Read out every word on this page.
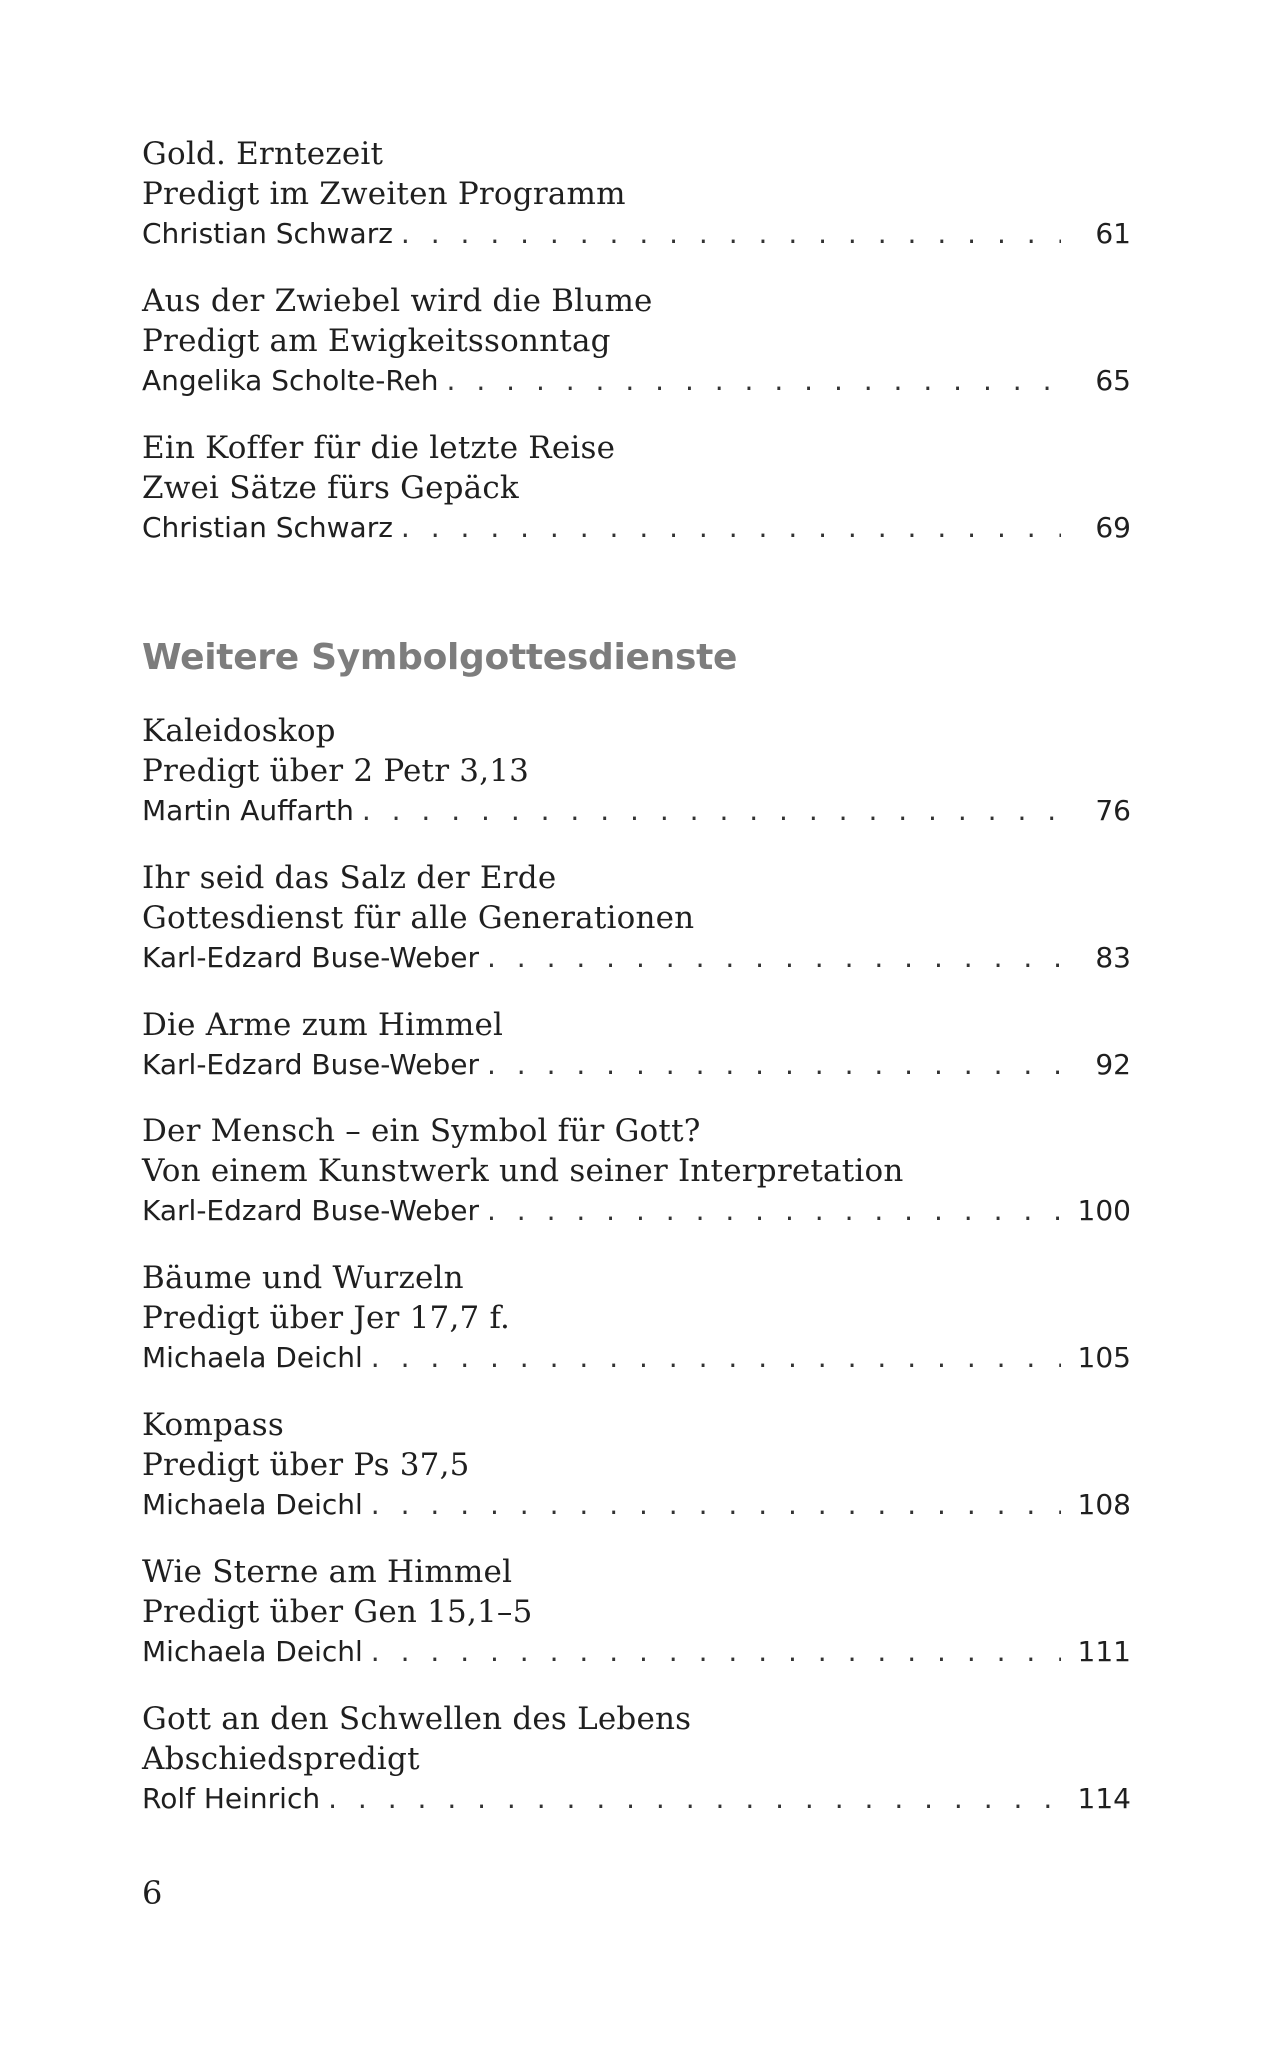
Gold. Erntezeit
Predigt im Zweiten Programm
Christian Schwarz . . .	61
Aus der Zwiebel wird die Blume
Predigt am Ewigkeitssonntag
Angelika Scholte-Reh . . .	65
Ein Koffer für die letzte Reise
Zwei Sätze fürs Gepäck
Christian Schwarz . . .	69
Weitere Symbolgottesdienste
Kaleidoskop
Predigt über 2 Petr 3,13
Martin Auffarth . . .	76
Ihr seid das Salz der Erde
Gottesdienst für alle Generationen
Karl-Edzard Buse-Weber . . .	83
Die Arme zum Himmel
Karl-Edzard Buse-Weber . . .	92
Der Mensch – ein Symbol für Gott?
Von einem Kunstwerk und seiner Interpretation
Karl-Edzard Buse-Weber . . .	100
Bäume und Wurzeln
Predigt über Jer 17,7 f.
Michaela Deichl . . .	105
Kompass
Predigt über Ps 37,5
Michaela Deichl . . .	108
Wie Sterne am Himmel
Predigt über Gen 15,1–5
Michaela Deichl . . .	111
Gott an den Schwellen des Lebens
Abschiedspredigt
Rolf Heinrich . . .	114
6
